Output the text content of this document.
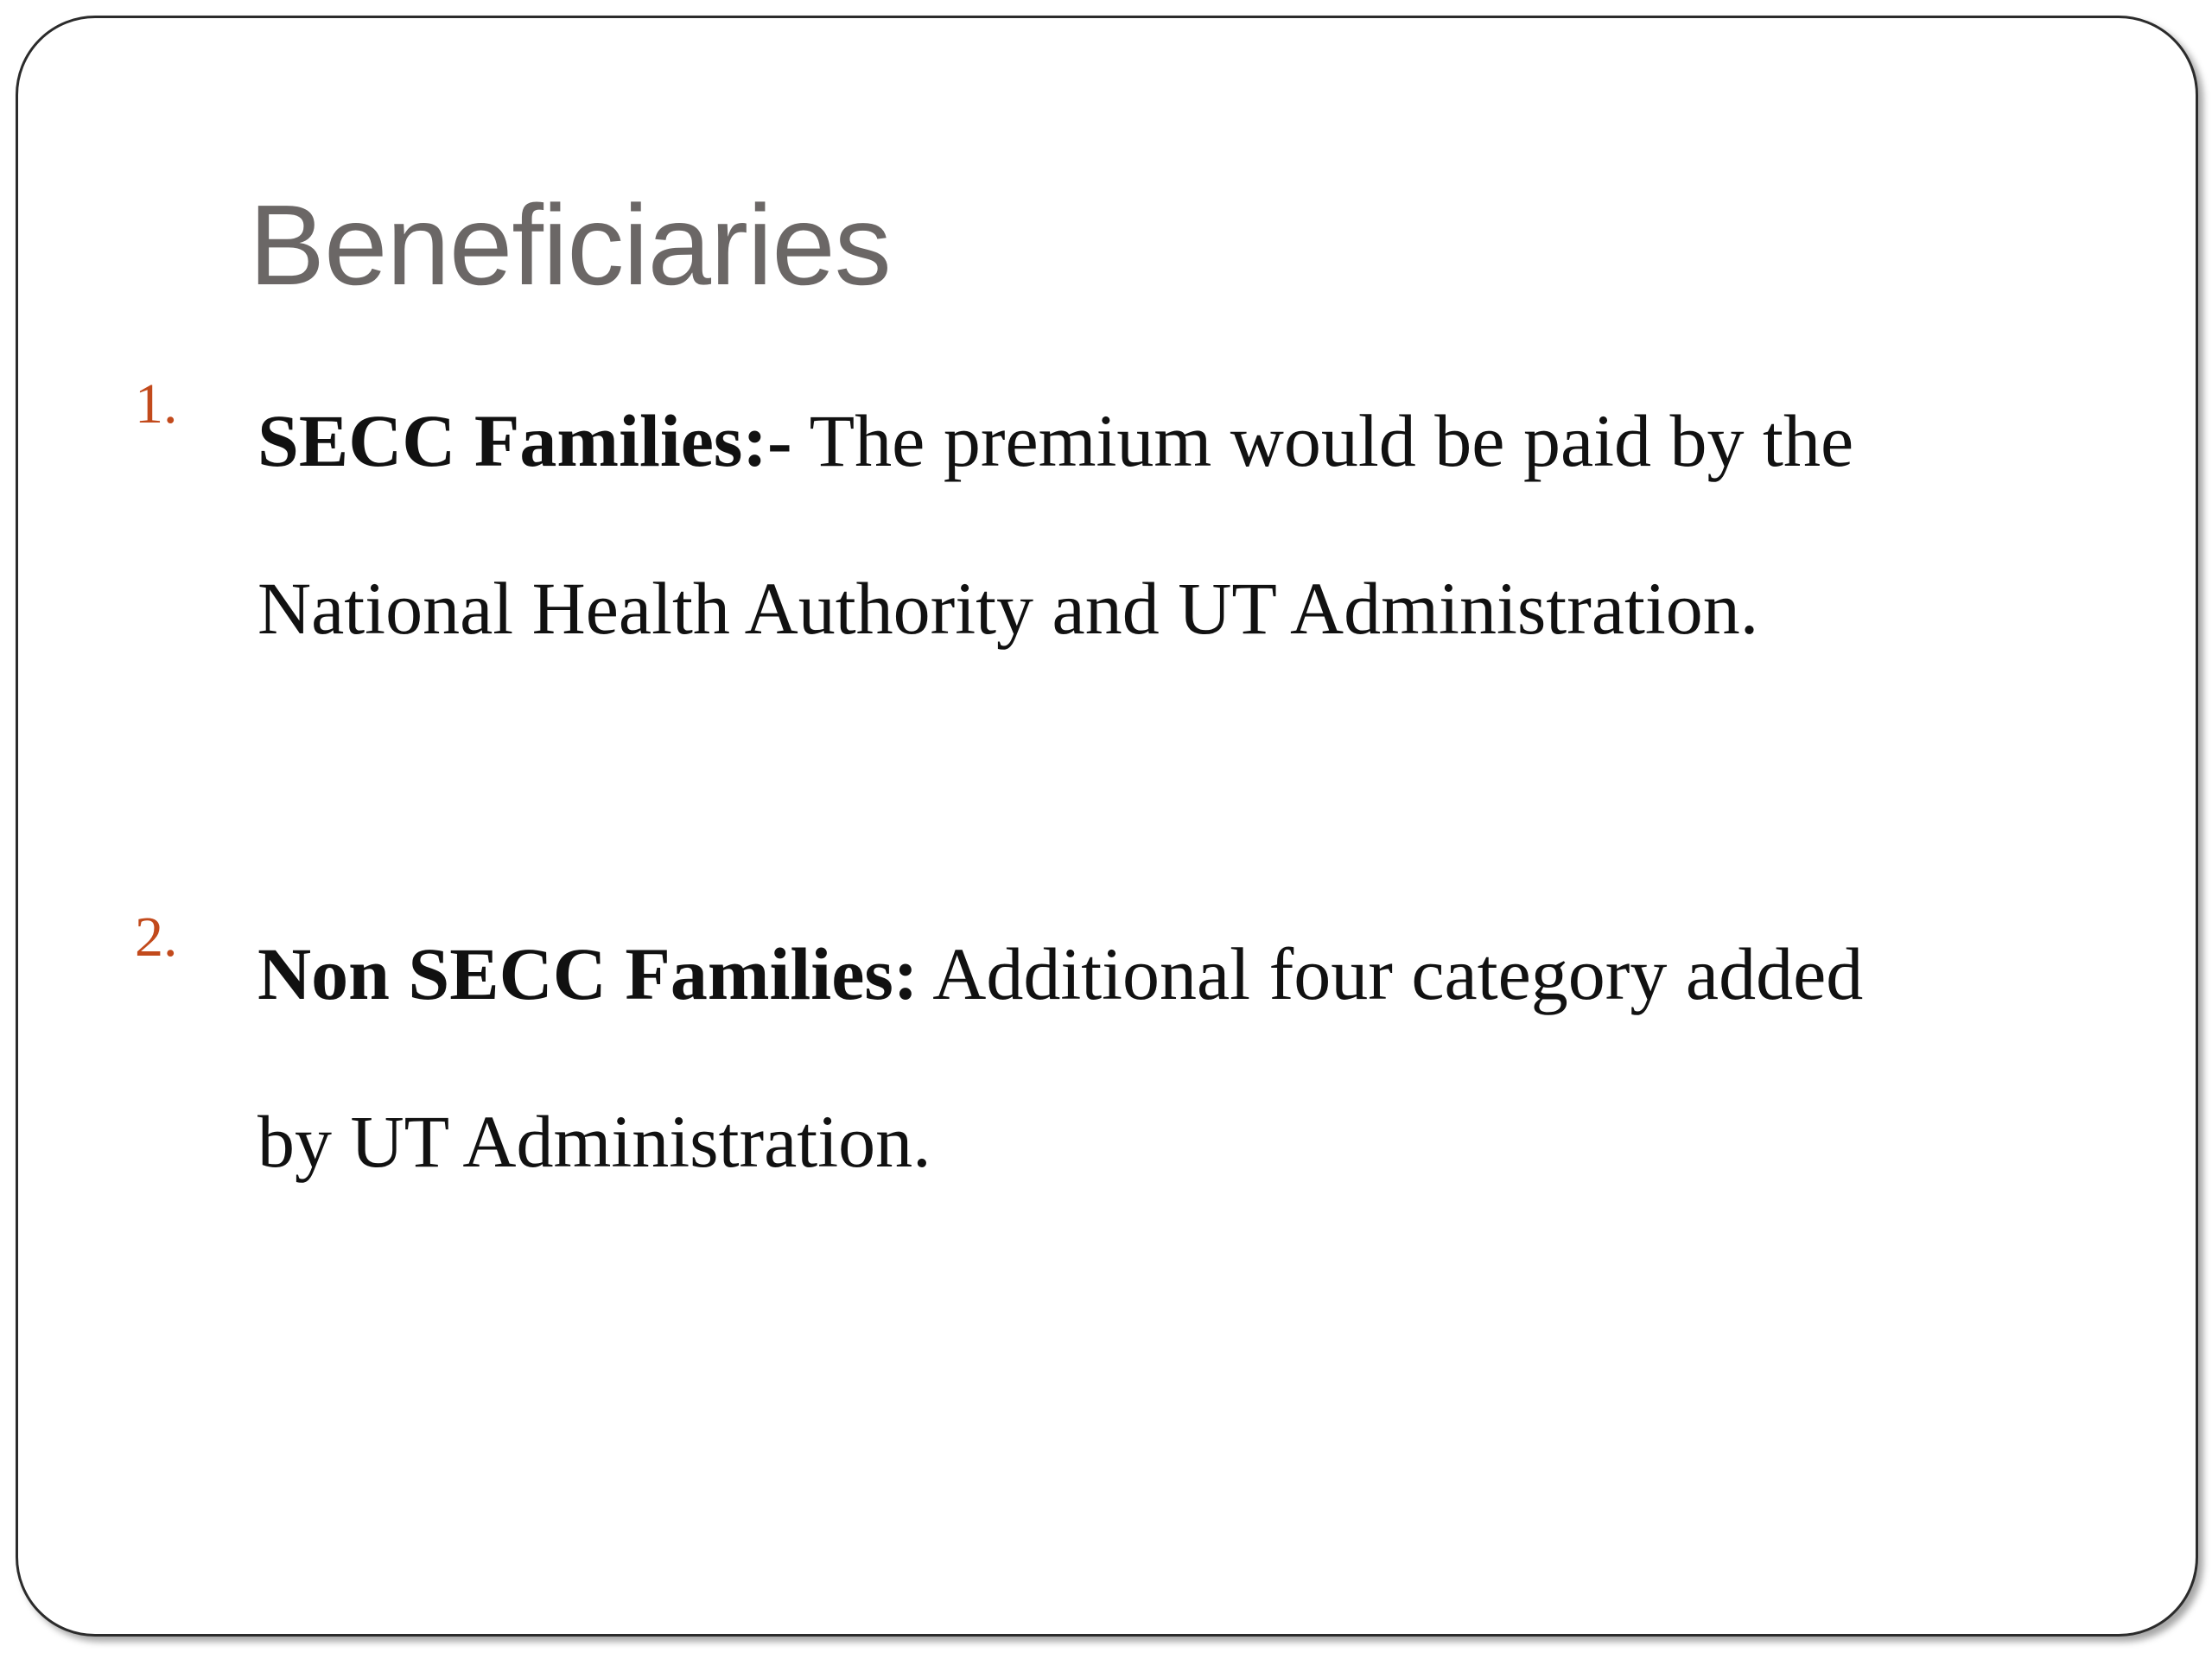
Beneficiaries
1. SECC Families:- The premium would be paid by the
National Health Authority and UT Administration.

2. Non SECC Families: Additional four category added
by UT Administration.
